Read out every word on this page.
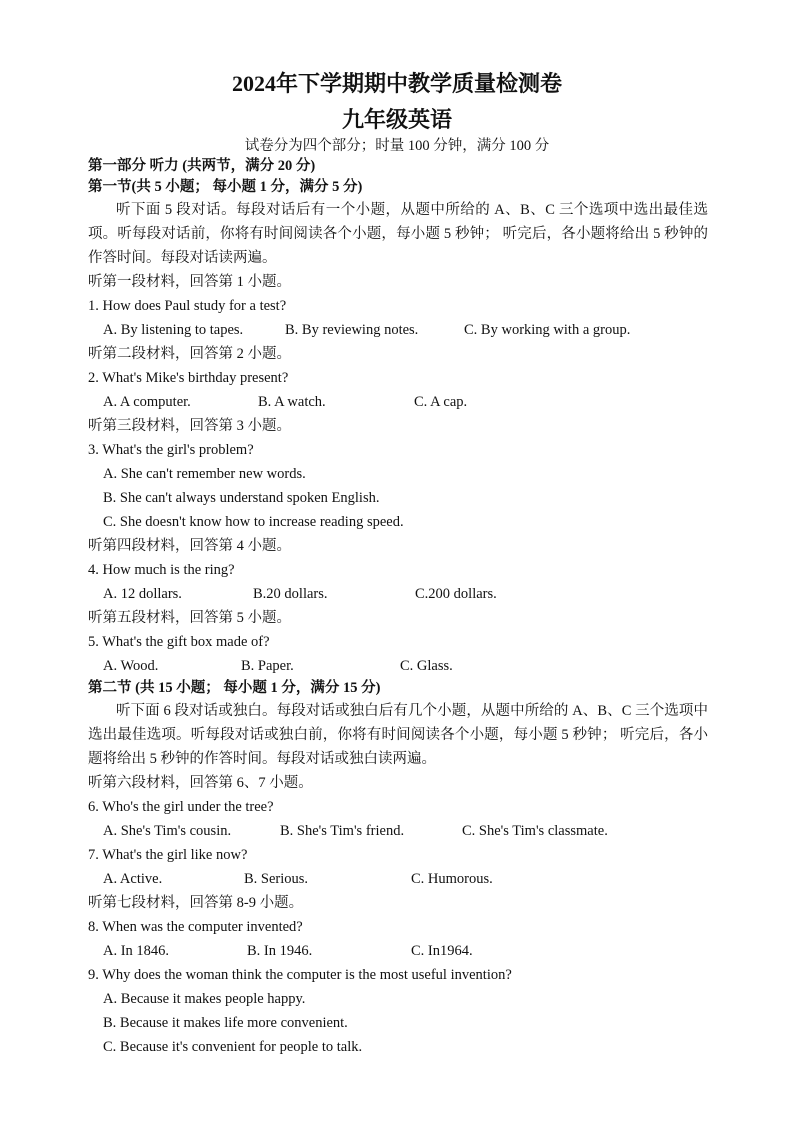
2024年下学期期中教学质量检测卷
九年级英语
试卷分为四个部分；时量 100 分钟，满分 100 分
第一部分 听力 (共两节，满分 20 分)
第一节(共 5 小题； 每小题 1 分，满分 5 分)
听下面 5 段对话。每段对话后有一个小题，从题中所给的 A、B、C 三个选项中选出最佳选项。听每段对话前，你将有时间阅读各个小题，每小题 5 秒钟； 听完后，各小题将给出 5 秒钟的作答时间。每段对话读两遍。
听第一段材料，回答第 1 小题。
1. How does Paul study for a test?
A. By listening to tapes.	B. By reviewing notes.	C. By working with a group.
听第二段材料，回答第 2 小题。
2. What's Mike's birthday present?
A. A computer.	B. A watch.	C. A cap.
听第三段材料，回答第 3 小题。
3. What's the girl's problem?
A. She can't remember new words.
B. She can't always understand spoken English.
C. She doesn't know how to increase reading speed.
听第四段材料，回答第 4 小题。
4. How much is the ring?
A. 12 dollars.	B.20 dollars.	C.200 dollars.
听第五段材料，回答第 5 小题。
5. What's the gift box made of?
A. Wood.	B. Paper.	C. Glass.
第二节 (共 15 小题； 每小题 1 分，满分 15 分)
听下面 6 段对话或独白。每段对话或独白后有几个小题，从题中所给的 A、B、C 三个选项中选出最佳选项。听每段对话或独白前，你将有时间阅读各个小题，每小题 5 秒钟； 听完后，各小题将给出 5 秒钟的作答时间。每段对话或独白读两遍。
听第六段材料，回答第 6、7 小题。
6. Who's the girl under the tree?
A. She's Tim's cousin.	B. She's Tim's friend.	C. She's Tim's classmate.
7. What's the girl like now?
A. Active.	B. Serious.	C. Humorous.
听第七段材料，回答第 8-9 小题。
8. When was the computer invented?
A. In 1846.	B. In 1946.	C. In1964.
9. Why does the woman think the computer is the most useful invention?
A. Because it makes people happy.
B. Because it makes life more convenient.
C. Because it's convenient for people to talk.
